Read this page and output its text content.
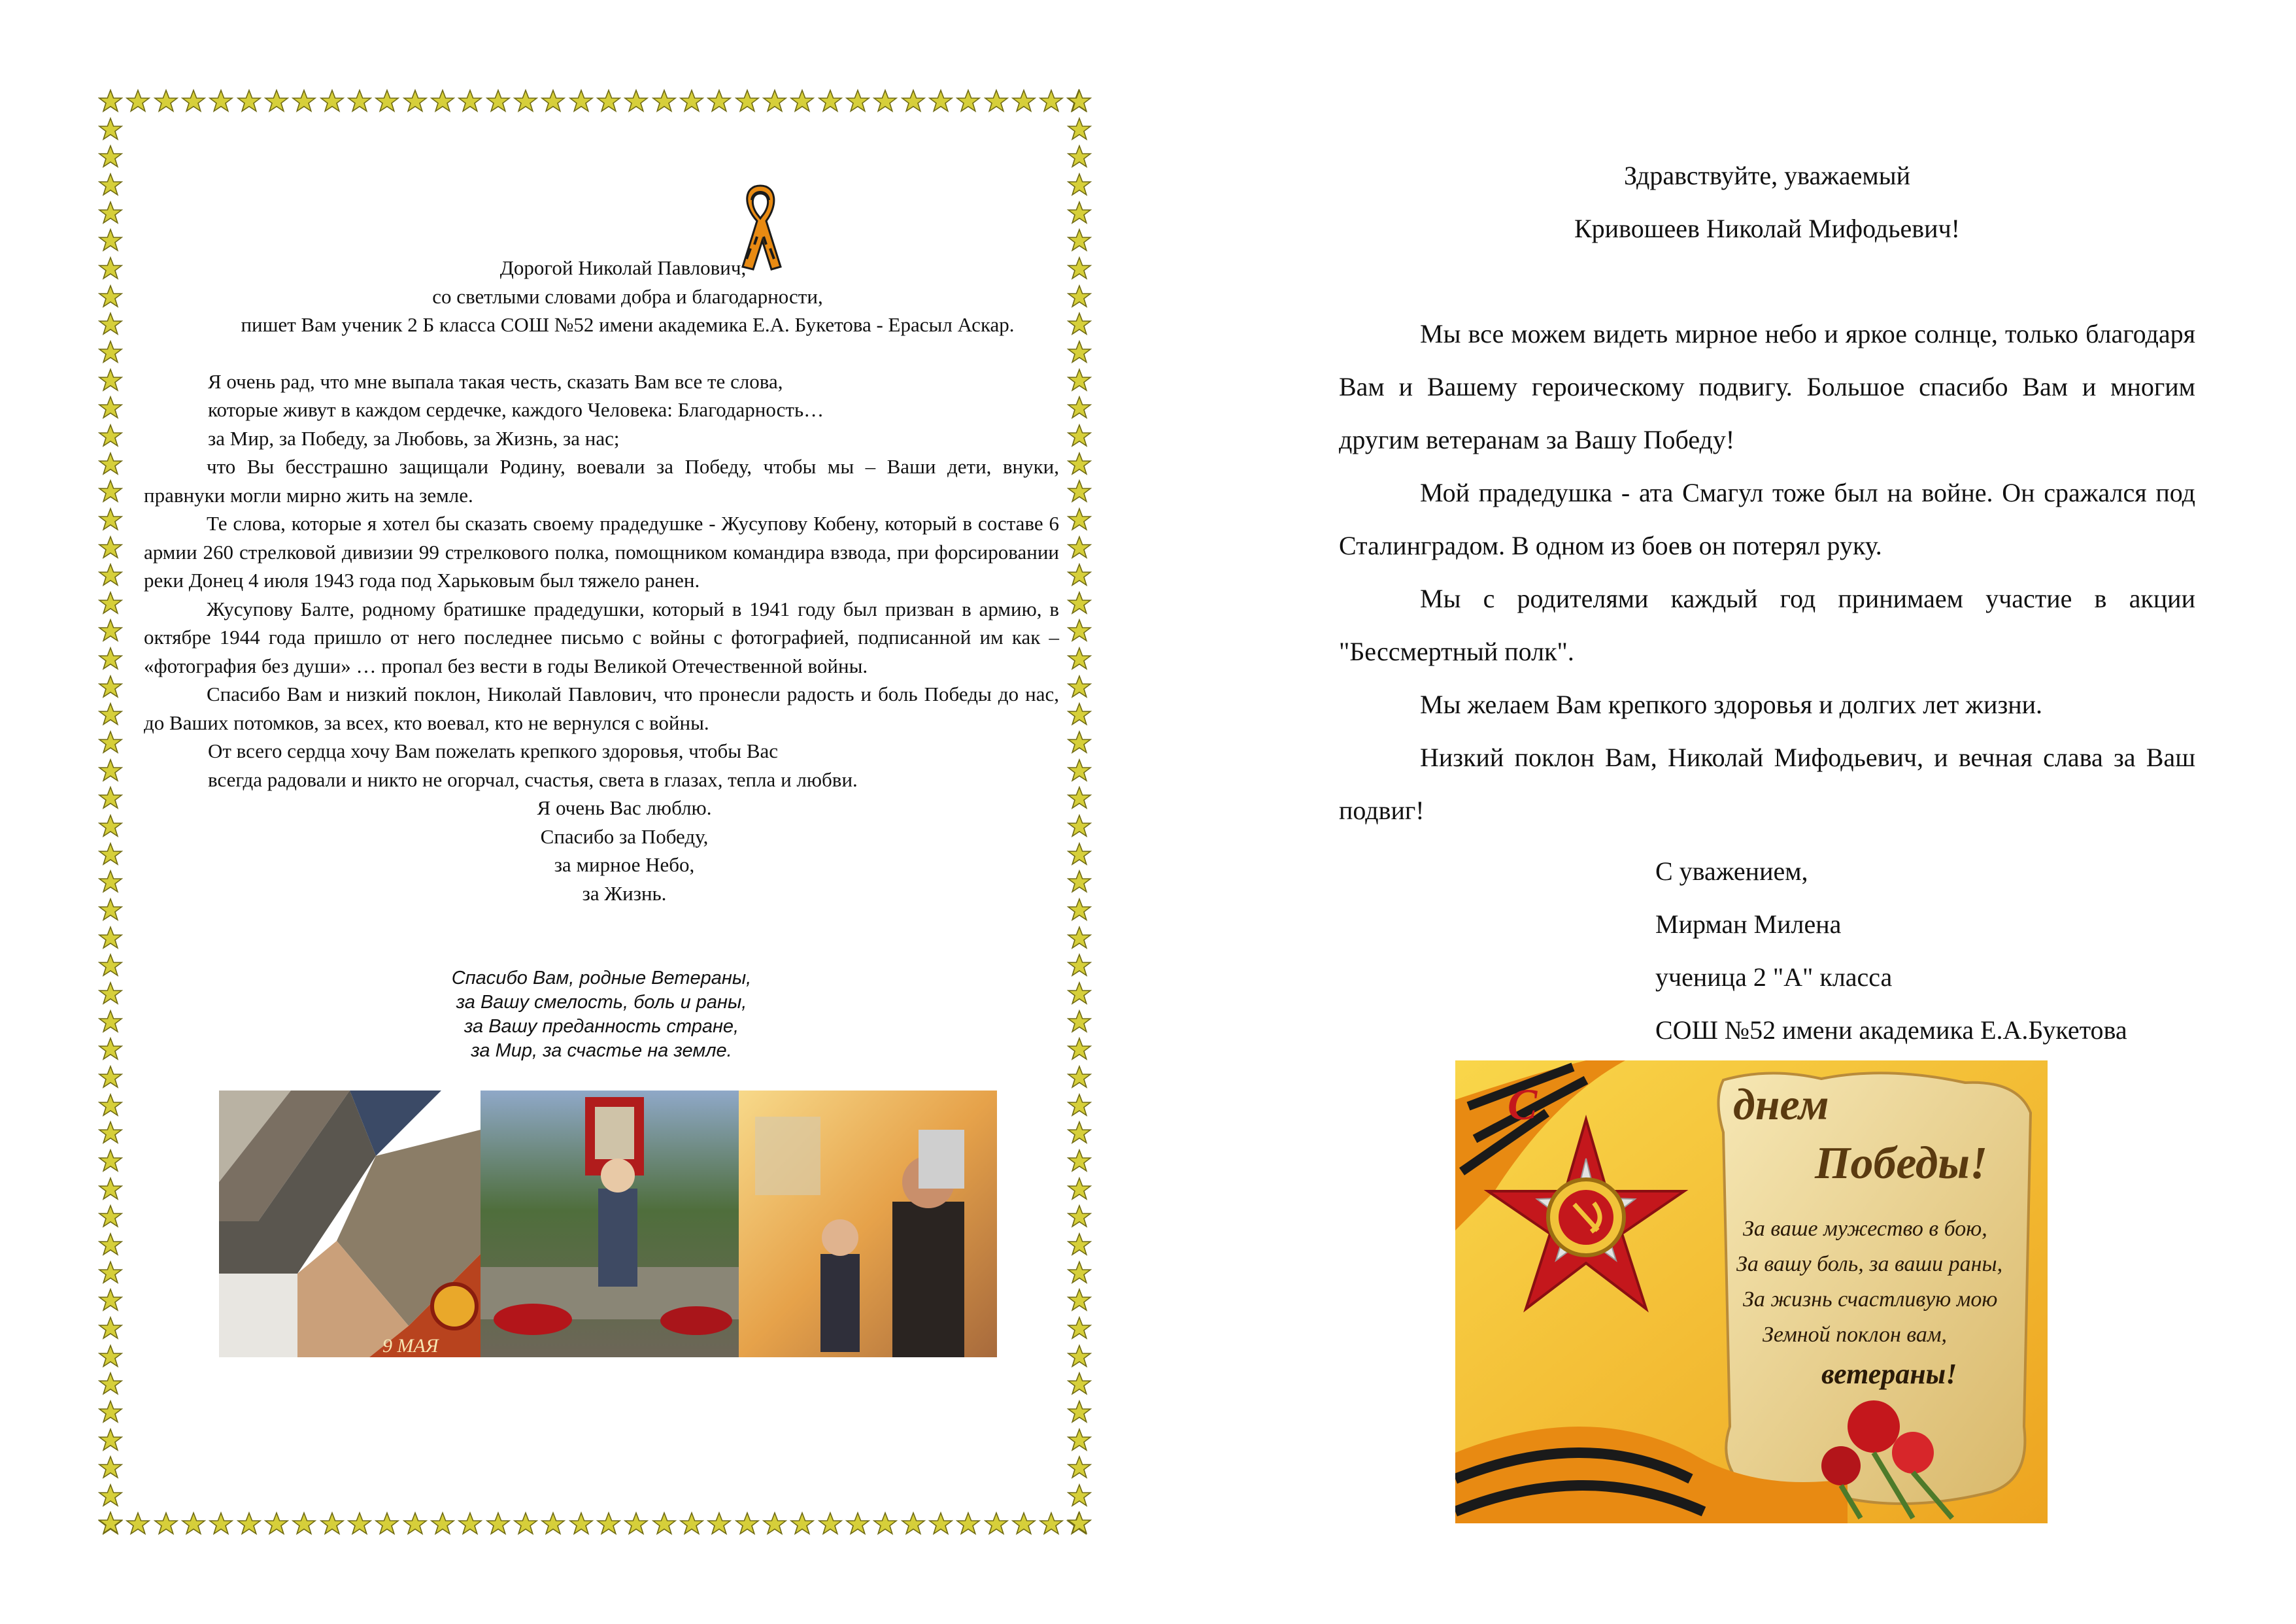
Дорогой Николай Павлович,

со светлыми словами добра и благодарности,

пишет Вам ученик 2 Б класса СОШ №52 имени академика Е.А. Букетова - Ерасыл Аскар.

Я очень рад, что мне выпала такая честь, сказать Вам все те слова,

которые живут в каждом сердечке, каждого Человека: Благодарность…

за Мир, за Победу, за Любовь, за Жизнь, за нас;

что Вы бесстрашно защищали Родину, воевали за Победу, чтобы мы – Ваши дети, внуки, правнуки могли мирно жить на земле.

Те слова, которые я хотел бы сказать своему прадедушке - Жусупову Кобену, который в составе 6 армии 260 стрелковой дивизии 99 стрелкового полка, помощником командира взвода, при форсировании реки Донец 4 июля 1943 года под Харьковым был тяжело ранен.

Жусупову Балте, родному братишке прадедушки, который в 1941 году был призван в армию, в октябре 1944 года пришло от него последнее письмо с войны с фотографией, подписанной им как – «фотография без души» … пропал без вести в годы Великой Отечественной войны.

Спасибо Вам и низкий поклон, Николай Павлович, что пронесли радость и боль Победы до нас, до Ваших потомков, за всех, кто воевал, кто не вернулся с войны.

От всего сердца хочу Вам пожелать крепкого здоровья, чтобы Вас

всегда радовали и никто не огорчал, счастья, света в глазах, тепла и любви.

Я очень Вас люблю.

Спасибо за Победу,

за мирное Небо,

за Жизнь.

Спасибо Вам, родные Ветераны,
за Вашу смелость, боль и раны,
за Вашу преданность стране,
за Мир, за счастье на земле.
9 МАЯ

Здравствуйте, уважаемый

Кривошеев Николай Мифодьевич!

Мы все можем видеть мирное небо и яркое солнце, только благодаря Вам и Вашему героическому подвигу. Большое спасибо Вам и многим другим ветеранам за Вашу Победу!

Мой прадедушка - ата Смагул тоже был на войне. Он сражался под Сталинградом. В одном из боев он потерял руку.

Мы с родителями каждый год принимаем участие в акции "Бессмертный полк".

Мы желаем Вам крепкого здоровья и долгих лет жизни.

Низкий поклон Вам, Николай Мифодьевич, и вечная слава за Ваш подвиг!

С уважением,
Мирман Милена
ученица 2 "А" класса
СОШ №52 имени академика Е.А.Букетова
С	днем
Победы!
За ваше мужество в бою,
За вашу боль, за ваши раны,
За жизнь счастливую мою
Земной поклон вам,
ветераны!
